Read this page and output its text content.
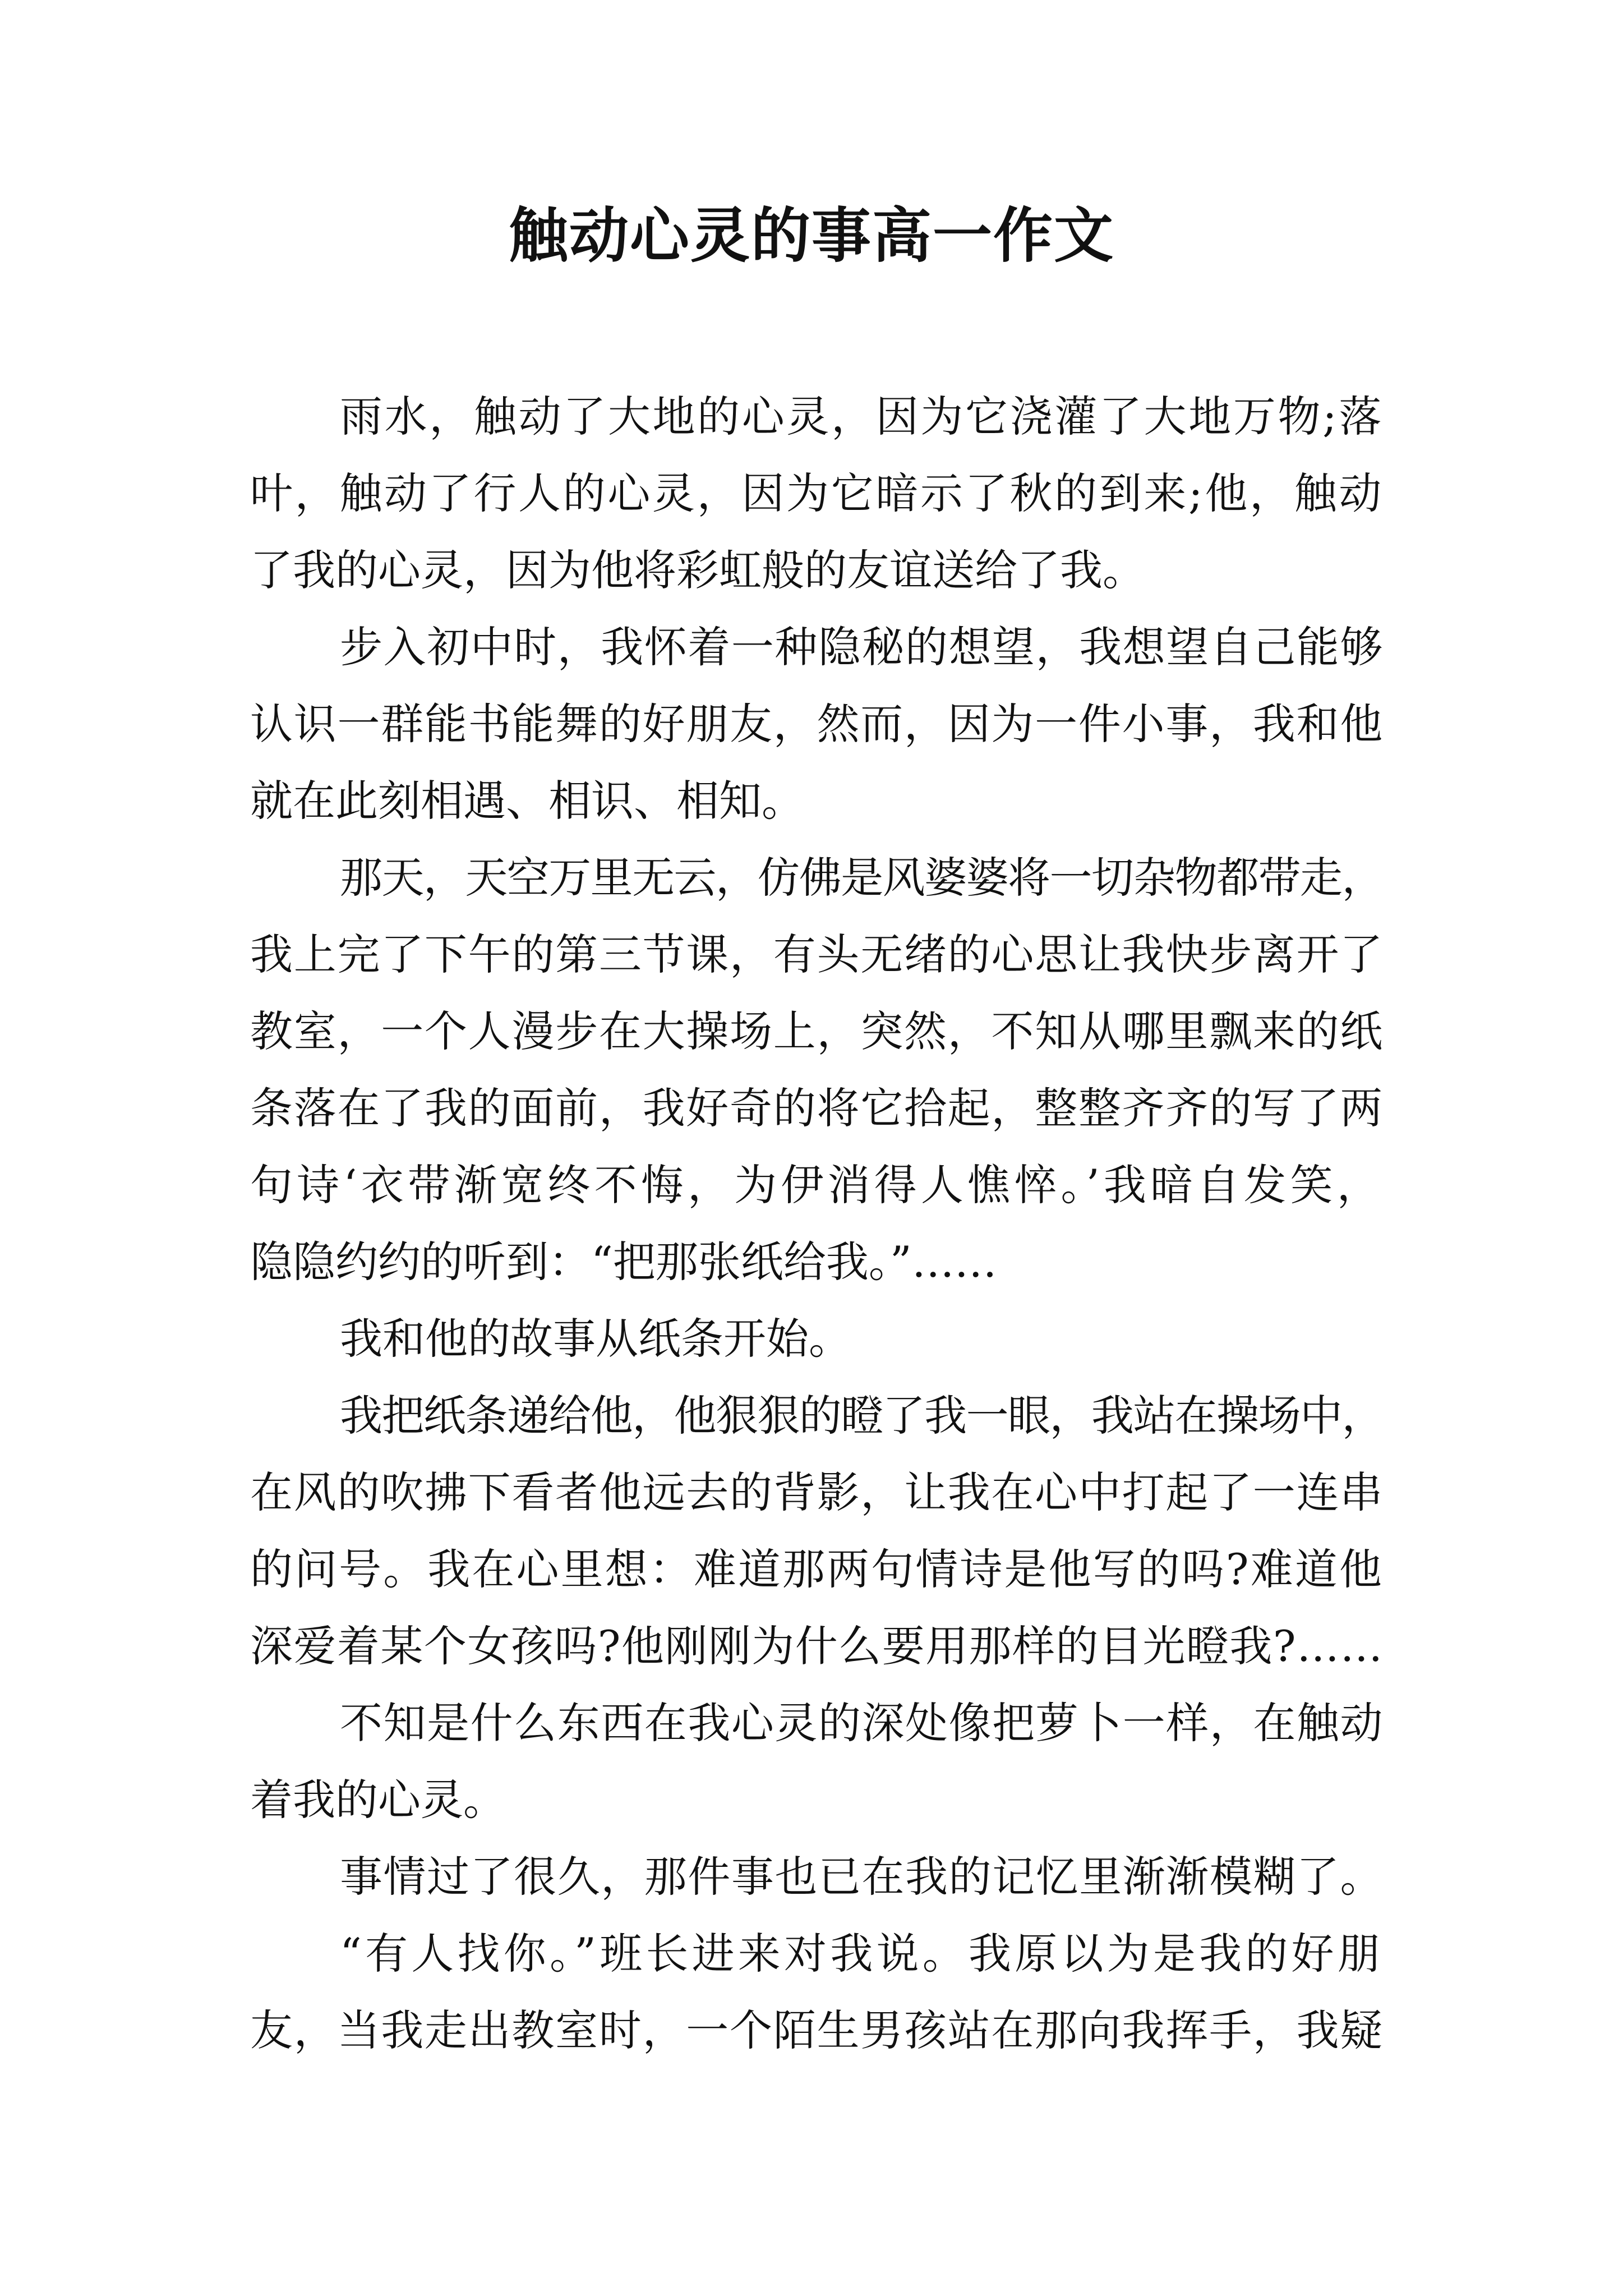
触动心灵的事高一作文
雨水，触动了大地的心灵，因为它浇灌了大地万物;落
叶，触动了行人的心灵，因为它暗示了秋的到来;他，触动
了我的心灵，因为他将彩虹般的友谊送给了我。
步入初中时，我怀着一种隐秘的想望，我想望自己能够
认识一群能书能舞的好朋友，然而，因为一件小事，我和他
就在此刻相遇、相识、相知。
那天，天空万里无云，仿佛是风婆婆将一切杂物都带走，
我上完了下午的第三节课，有头无绪的心思让我快步离开了
教室，一个人漫步在大操场上，突然，不知从哪里飘来的纸
条落在了我的面前，我好奇的将它拾起，整整齐齐的写了两
句诗‘衣带渐宽终不悔，为伊消得人憔悴。’我暗自发笑，
隐隐约约的听到：“把那张纸给我。”……
我和他的故事从纸条开始。
我把纸条递给他，他狠狠的瞪了我一眼，我站在操场中，
在风的吹拂下看者他远去的背影，让我在心中打起了一连串
的问号。我在心里想：难道那两句情诗是他写的吗?难道他
深爱着某个女孩吗?他刚刚为什么要用那样的目光瞪我?……
不知是什么东西在我心灵的深处像把萝卜一样，在触动
着我的心灵。
事情过了很久，那件事也已在我的记忆里渐渐模糊了。
“有人找你。”班长进来对我说。我原以为是我的好朋
友，当我走出教室时，一个陌生男孩站在那向我挥手，我疑
